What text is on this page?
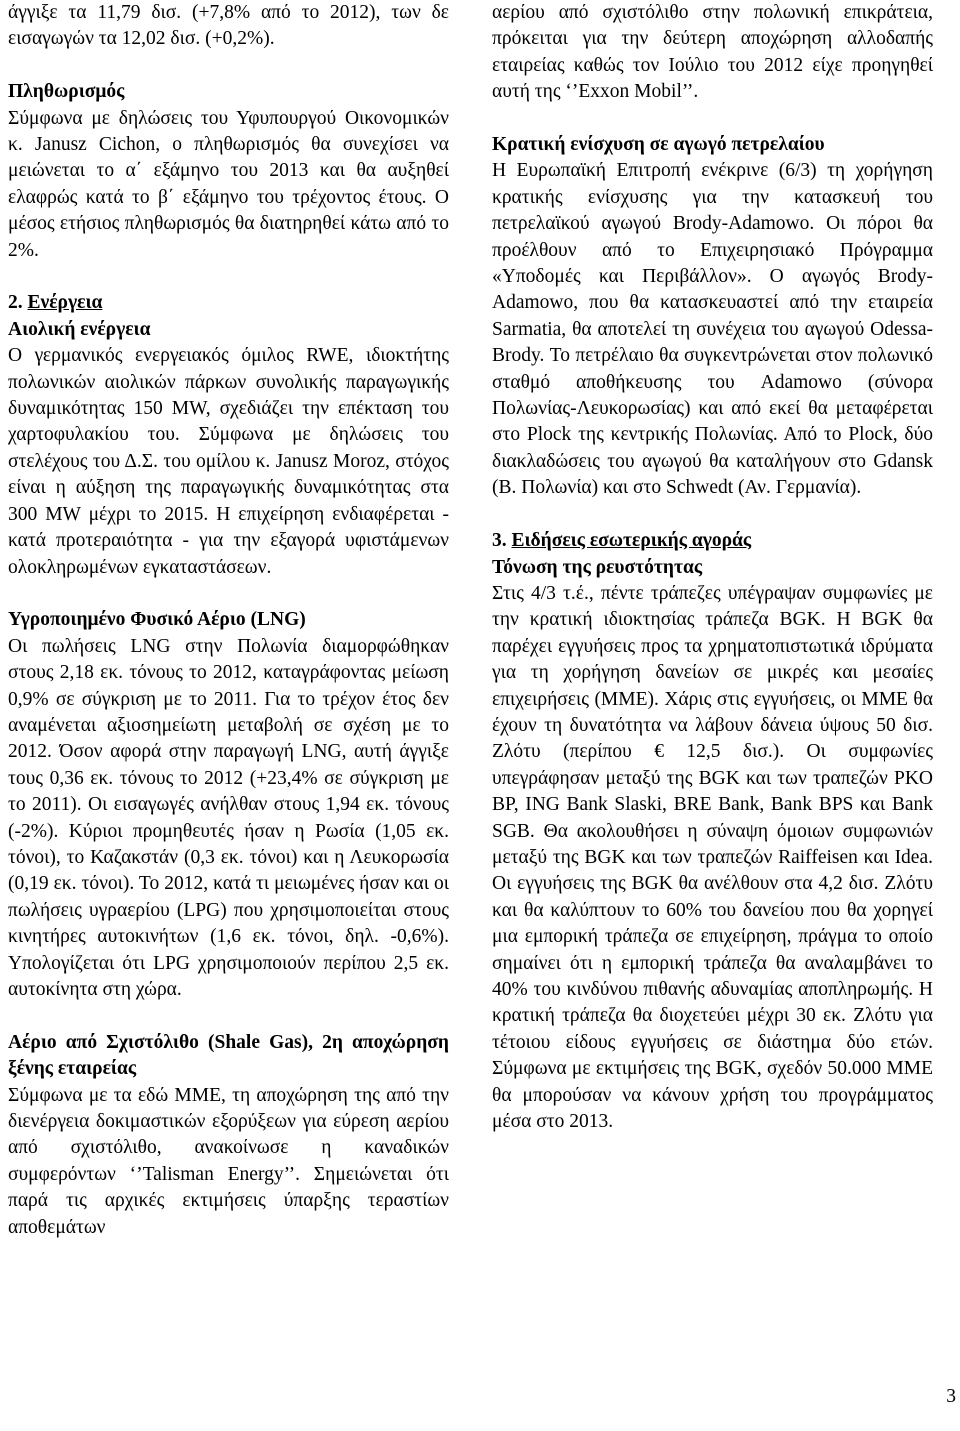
άγγιξε τα 11,79 δισ. (+7,8% από το 2012), των δε εισαγωγών τα 12,02 δισ. (+0,2%).

Πληθωρισμός

Σύμφωνα με δηλώσεις του Υφυπουργού Οικονομικών κ. Janusz Cichon, ο πληθωρισμός θα συνεχίσει να μειώνεται το α΄ εξάμηνο του 2013 και θα αυξηθεί ελαφρώς κατά το β΄ εξάμηνο του τρέχοντος έτους. Ο μέσος ετήσιος πληθωρισμός θα διατηρηθεί κάτω από το 2%.

2. Ενέργεια

Αιολική ενέργεια

Ο γερμανικός ενεργειακός όμιλος RWE, ιδιοκτήτης πολωνικών αιολικών πάρκων συνολικής παραγωγικής δυναμικότητας 150 MW, σχεδιάζει την επέκταση του χαρτοφυλακίου του. Σύμφωνα με δηλώσεις του στελέχους του Δ.Σ. του ομίλου κ. Janusz Moroz, στόχος είναι η αύξηση της παραγωγικής δυναμικότητας στα 300 MW μέχρι το 2015. Η επιχείρηση ενδιαφέρεται - κατά προτεραιότητα - για την εξαγορά υφιστάμενων ολοκληρωμένων εγκαταστάσεων.

Υγροποιημένο Φυσικό Αέριο (LNG)

Οι πωλήσεις LNG στην Πολωνία διαμορφώθηκαν στους 2,18 εκ. τόνους το 2012, καταγράφοντας μείωση 0,9% σε σύγκριση με το 2011. Για το τρέχον έτος δεν αναμένεται αξιοσημείωτη μεταβολή σε σχέση με το 2012. Όσον αφορά στην παραγωγή LNG, αυτή άγγιξε τους 0,36 εκ. τόνους το 2012 (+23,4% σε σύγκριση με το 2011). Οι εισαγωγές ανήλθαν στους 1,94 εκ. τόνους (-2%). Κύριοι προμηθευτές ήσαν η Ρωσία (1,05 εκ. τόνοι), το Καζακστάν (0,3 εκ. τόνοι) και η Λευκορωσία (0,19 εκ. τόνοι). Το 2012, κατά τι μειωμένες ήσαν και οι πωλήσεις υγραερίου (LPG) που χρησιμοποιείται στους κινητήρες αυτοκινήτων (1,6 εκ. τόνοι, δηλ. -0,6%). Υπολογίζεται ότι LPG χρησιμοποιούν περίπου 2,5 εκ. αυτοκίνητα στη χώρα.

Αέριο από Σχιστόλιθο (Shale Gas), 2η αποχώρηση ξένης εταιρείας

Σύμφωνα με τα εδώ ΜΜΕ, τη αποχώρηση της από την διενέργεια δοκιμαστικών εξορύξεων για εύρεση αερίου από σχιστόλιθο, ανακοίνωσε η καναδικών συμφερόντων ‘’Talisman Energy’’. Σημειώνεται ότι παρά τις αρχικές εκτιμήσεις ύπαρξης τεραστίων αποθεμάτων

αερίου από σχιστόλιθο στην πολωνική επικράτεια, πρόκειται για την δεύτερη αποχώρηση αλλοδαπής εταιρείας καθώς τον Ιούλιο του 2012 είχε προηγηθεί αυτή της ‘’Exxon Mobil’’.

Κρατική ενίσχυση σε αγωγό πετρελαίου

Η Ευρωπαϊκή Επιτροπή ενέκρινε (6/3) τη χορήγηση κρατικής ενίσχυσης για την κατασκευή του πετρελαϊκού αγωγού Brody-Adamowo. Οι πόροι θα προέλθουν από το Επιχειρησιακό Πρόγραμμα «Υποδομές και Περιβάλλον». Ο αγωγός Brody-Adamowo, που θα κατασκευαστεί από την εταιρεία Sarmatia, θα αποτελεί τη συνέχεια του αγωγού Odessa-Brody. Το πετρέλαιο θα συγκεντρώνεται στον πολωνικό σταθμό αποθήκευσης του Adamowo (σύνορα Πολωνίας-Λευκορωσίας) και από εκεί θα μεταφέρεται στο Plock της κεντρικής Πολωνίας. Από το Plock, δύο διακλαδώσεις του αγωγού θα καταλήγουν στο Gdansk (Β. Πολωνία) και στο Schwedt (Αν. Γερμανία).

3. Ειδήσεις εσωτερικής αγοράς

Τόνωση της ρευστότητας

Στις 4/3 τ.έ., πέντε τράπεζες υπέγραψαν συμφωνίες με την κρατική ιδιοκτησίας τράπεζα BGK. Η BGK θα παρέχει εγγυήσεις προς τα χρηματοπιστωτικά ιδρύματα για τη χορήγηση δανείων σε μικρές και μεσαίες επιχειρήσεις (ΜΜΕ). Χάρις στις εγγυήσεις, οι ΜΜΕ θα έχουν τη δυνατότητα να λάβουν δάνεια ύψους 50 δισ. Ζλότυ (περίπου € 12,5 δισ.). Οι συμφωνίες υπεγράφησαν μεταξύ της BGK και των τραπεζών PKO BP, ING Bank Slaski, BRE Bank, Bank BPS και Bank SGB. Θα ακολουθήσει η σύναψη όμοιων συμφωνιών μεταξύ της BGK και των τραπεζών Raiffeisen και Idea. Οι εγγυήσεις της BGK θα ανέλθουν στα 4,2 δισ. Ζλότυ και θα καλύπτουν το 60% του δανείου που θα χορηγεί μια εμπορική τράπεζα σε επιχείρηση, πράγμα το οποίο σημαίνει ότι η εμπορική τράπεζα θα αναλαμβάνει το 40% του κινδύνου πιθανής αδυναμίας αποπληρωμής. Η κρατική τράπεζα θα διοχετεύει μέχρι 30 εκ. Ζλότυ για τέτοιου είδους εγγυήσεις σε διάστημα δύο ετών. Σύμφωνα με εκτιμήσεις της BGK, σχεδόν 50.000 ΜΜΕ θα μπορούσαν να κάνουν χρήση του προγράμματος μέσα στο 2013.

3
